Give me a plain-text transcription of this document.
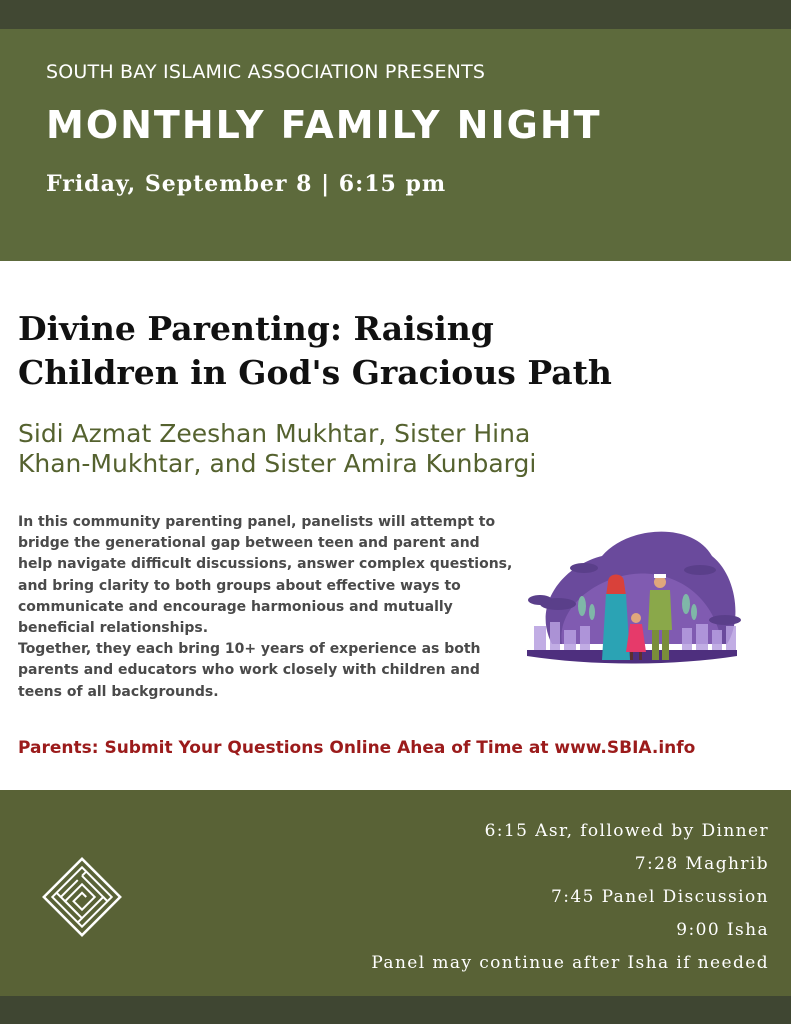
SOUTH BAY ISLAMIC ASSOCIATION PRESENTS
MONTHLY FAMILY NIGHT
Friday, September 8 | 6:15 pm
Divine Parenting: Raising
Children in God's Gracious Path
Sidi Azmat Zeeshan Mukhtar, Sister Hina
Khan-Mukhtar, and Sister Amira Kunbargi

In this community parenting panel, panelists will attempt to bridge the generational gap between teen and parent and help navigate difficult discussions, answer complex questions, and bring clarity to both groups about effective ways to communicate and encourage harmonious and mutually beneficial relationships.

Together, they each bring 10+ years of experience as both parents and educators who work closely with children and teens of all backgrounds.

Parents: Submit Your Questions Online Ahea of Time at www.SBIA.info
6:15 Asr, followed by Dinner
7:28 Maghrib
7:45 Panel Discussion
9:00 Isha
Panel may continue after Isha if needed
